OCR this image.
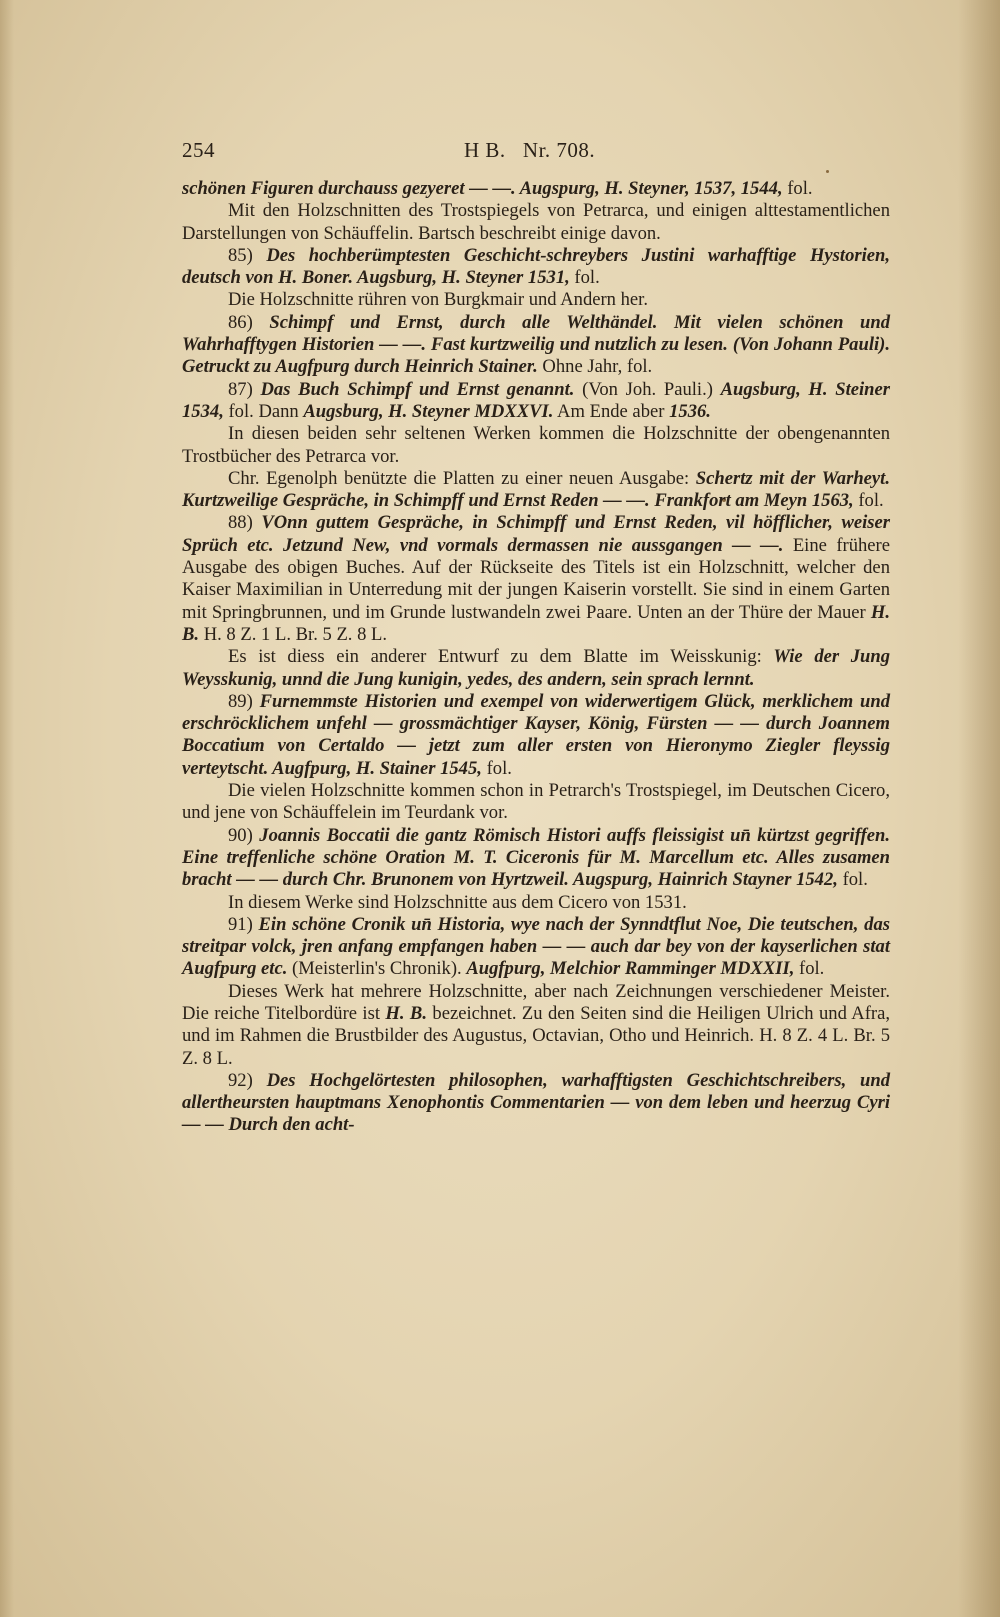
254	H B.   Nr. 708.

schönen Figuren durchauss gezyeret — —. Augspurg, H. Steyner, 1537, 1544, fol.

Mit den Holzschnitten des Trostspiegels von Petrarca, und einigen alttestamentlichen Darstellungen von Schäuffelin. Bartsch beschreibt einige davon.

85) Des hochberümptesten Geschicht-schreybers Justini warhafftige Hystorien, deutsch von H. Boner. Augsburg, H. Steyner 1531, fol.

Die Holzschnitte rühren von Burgkmair und Andern her.

86) Schimpf und Ernst, durch alle Welthändel. Mit vielen schönen und Wahrhafftygen Historien — —. Fast kurtzweilig und nutzlich zu lesen. (Von Johann Pauli). Getruckt zu Augfpurg durch Heinrich Stainer. Ohne Jahr, fol.

87) Das Buch Schimpf und Ernst genannt. (Von Joh. Pauli.) Augsburg, H. Steiner 1534, fol. Dann Augsburg, H. Steyner MDXXVI. Am Ende aber 1536.

In diesen beiden sehr seltenen Werken kommen die Holzschnitte der obengenannten Trostbücher des Petrarca vor.

Chr. Egenolph benützte die Platten zu einer neuen Ausgabe: Schertz mit der Warheyt. Kurtzweilige Gespräche, in Schimpff und Ernst Reden — —. Frankfort am Meyn 1563, fol.

88) VOnn guttem Gespräche, in Schimpff und Ernst Reden, vil höfflicher, weiser Sprüch etc. Jetzund New, vnd vormals dermassen nie aussgangen — —. Eine frühere Ausgabe des obigen Buches. Auf der Rückseite des Titels ist ein Holzschnitt, welcher den Kaiser Maximilian in Unterredung mit der jungen Kaiserin vorstellt. Sie sind in einem Garten mit Springbrunnen, und im Grunde lustwandeln zwei Paare. Unten an der Thüre der Mauer H. B. H. 8 Z. 1 L. Br. 5 Z. 8 L.

Es ist diess ein anderer Entwurf zu dem Blatte im Weisskunig: Wie der Jung Weysskunig, unnd die Jung kunigin, yedes, des andern, sein sprach lernnt.

89) Furnemmste Historien und exempel von widerwertigem Glück, merklichem und erschröcklichem unfehl — grossmächtiger Kayser, König, Fürsten — — durch Joannem Boccatium von Certaldo — jetzt zum aller ersten von Hieronymo Ziegler fleyssig verteytscht. Augfpurg, H. Stainer 1545, fol.

Die vielen Holzschnitte kommen schon in Petrarch's Trostspiegel, im Deutschen Cicero, und jene von Schäuffelein im Teurdank vor.

90) Joannis Boccatii die gantz Römisch Histori auffs fleissigist un̄ kürtzst gegriffen. Eine treffenliche schöne Oration M. T. Ciceronis für M. Marcellum etc. Alles zusamen bracht — — durch Chr. Brunonem von Hyrtzweil. Augspurg, Hainrich Stayner 1542, fol.

In diesem Werke sind Holzschnitte aus dem Cicero von 1531.

91) Ein schöne Cronik un̄ Historia, wye nach der Synndtflut Noe, Die teutschen, das streitpar volck, jren anfang empfangen haben — — auch dar bey von der kayserlichen stat Augfpurg etc. (Meisterlin's Chronik). Augfpurg, Melchior Ramminger MDXXII, fol.

Dieses Werk hat mehrere Holzschnitte, aber nach Zeichnungen verschiedener Meister. Die reiche Titelbordüre ist H. B. bezeichnet. Zu den Seiten sind die Heiligen Ulrich und Afra, und im Rahmen die Brustbilder des Augustus, Octavian, Otho und Heinrich. H. 8 Z. 4 L. Br. 5 Z. 8 L.

92) Des Hochgelörtesten philosophen, warhafftigsten Geschichtschreibers, und allertheursten hauptmans Xenophontis Commentarien — von dem leben und heerzug Cyri — — Durch den acht-
